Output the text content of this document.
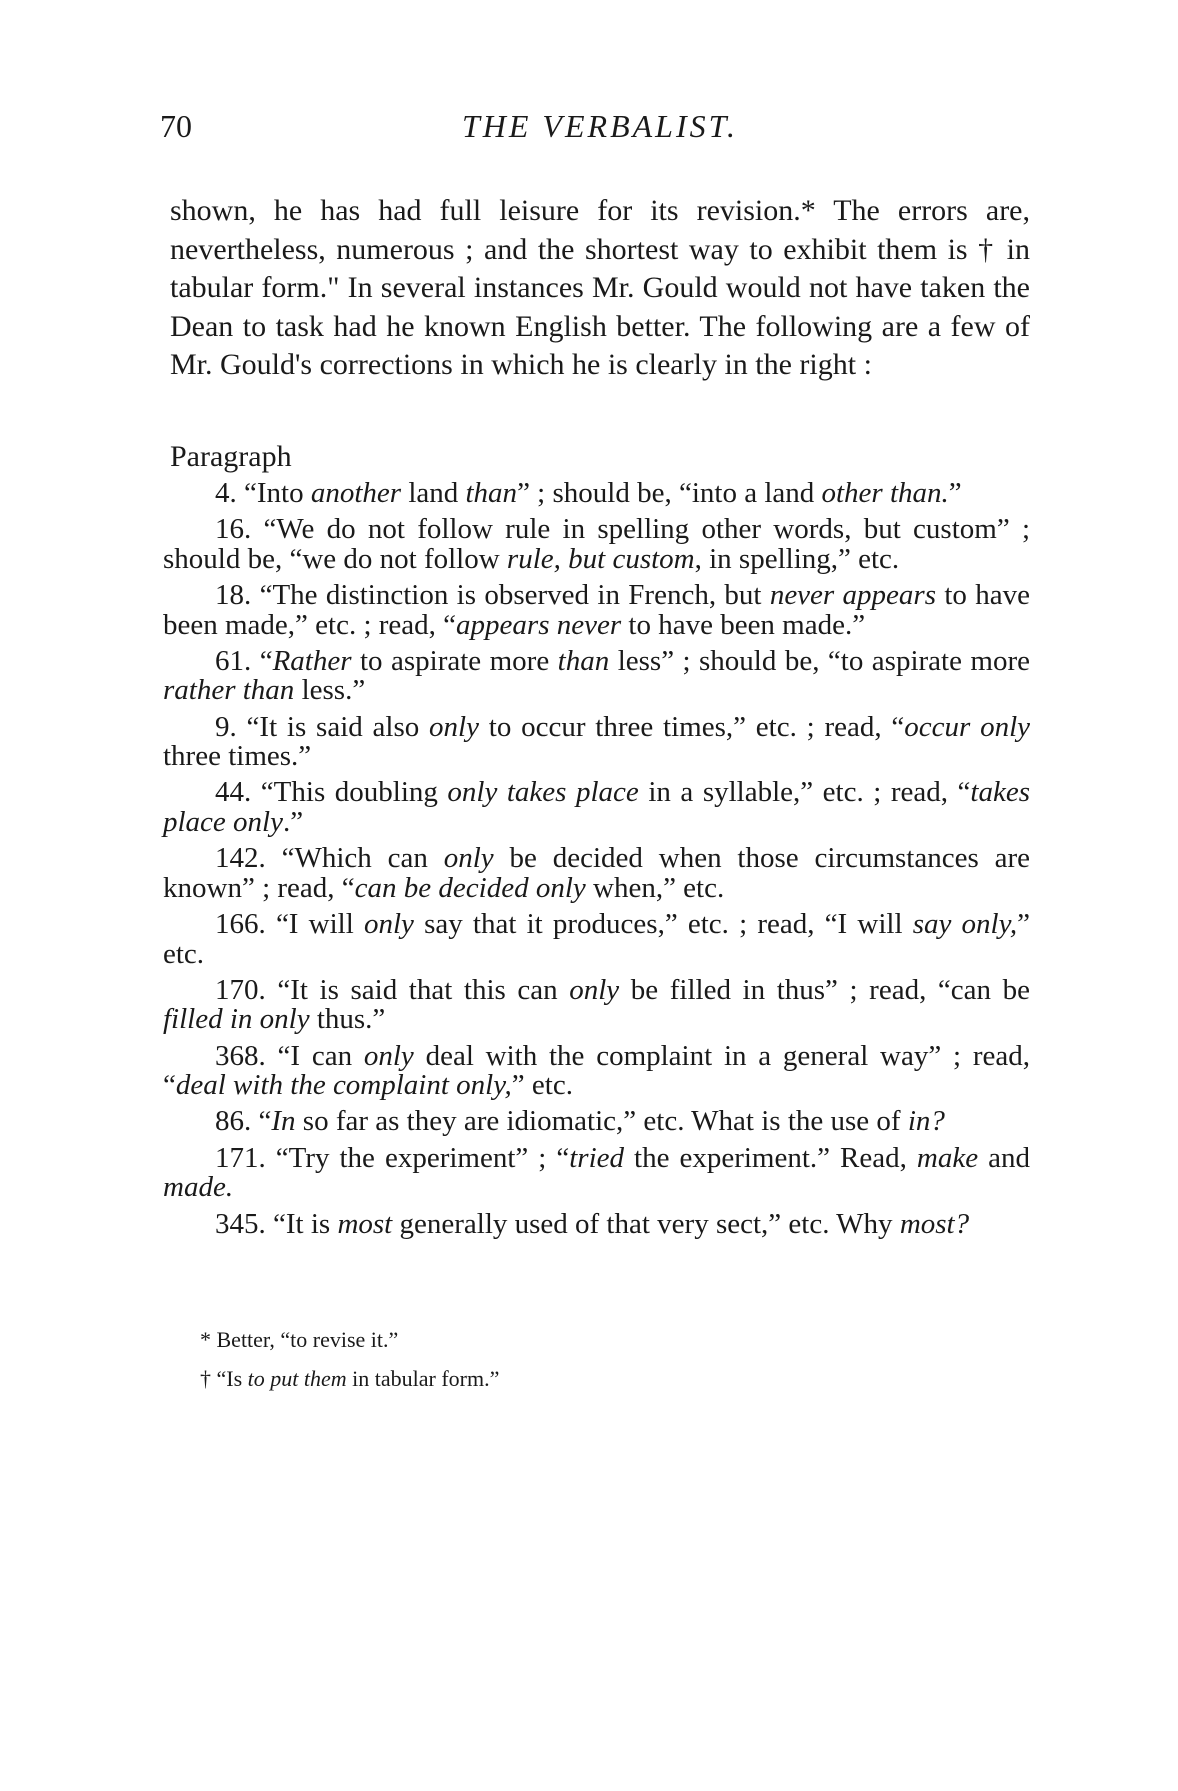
70	THE VERBALIST.

shown, he has had full leisure for its revision.* The errors are, nevertheless, numerous ; and the shortest way to exhibit them is † in tabular form." In several instances Mr. Gould would not have taken the Dean to task had he known English better. The following are a few of Mr. Gould's corrections in which he is clearly in the right :

Paragraph
4. “Into another land than” ; should be, “into a land other than.”
16. “We do not follow rule in spelling other words, but custom” ; should be, “we do not follow rule, but custom, in spelling,” etc.
18. “The distinction is observed in French, but never appears to have been made,” etc. ; read, “appears never to have been made.”
61. “Rather to aspirate more than less” ; should be, “to aspirate more rather than less.”
9. “It is said also only to occur three times,” etc. ; read, “occur only three times.”
44. “This doubling only takes place in a syllable,” etc. ; read, “takes place only.”
142. “Which can only be decided when those circumstances are known” ; read, “can be decided only when,” etc.
166. “I will only say that it produces,” etc. ; read, “I will say only,” etc.
170. “It is said that this can only be filled in thus” ; read, “can be filled in only thus.”
368. “I can only deal with the complaint in a general way” ; read, “deal with the complaint only,” etc.
86. “In so far as they are idiomatic,” etc. What is the use of in?
171. “Try the experiment” ; “tried the experiment.” Read, make and made.
345. “It is most generally used of that very sect,” etc. Why most?
* Better, “to revise it.”
† “Is to put them in tabular form.”
